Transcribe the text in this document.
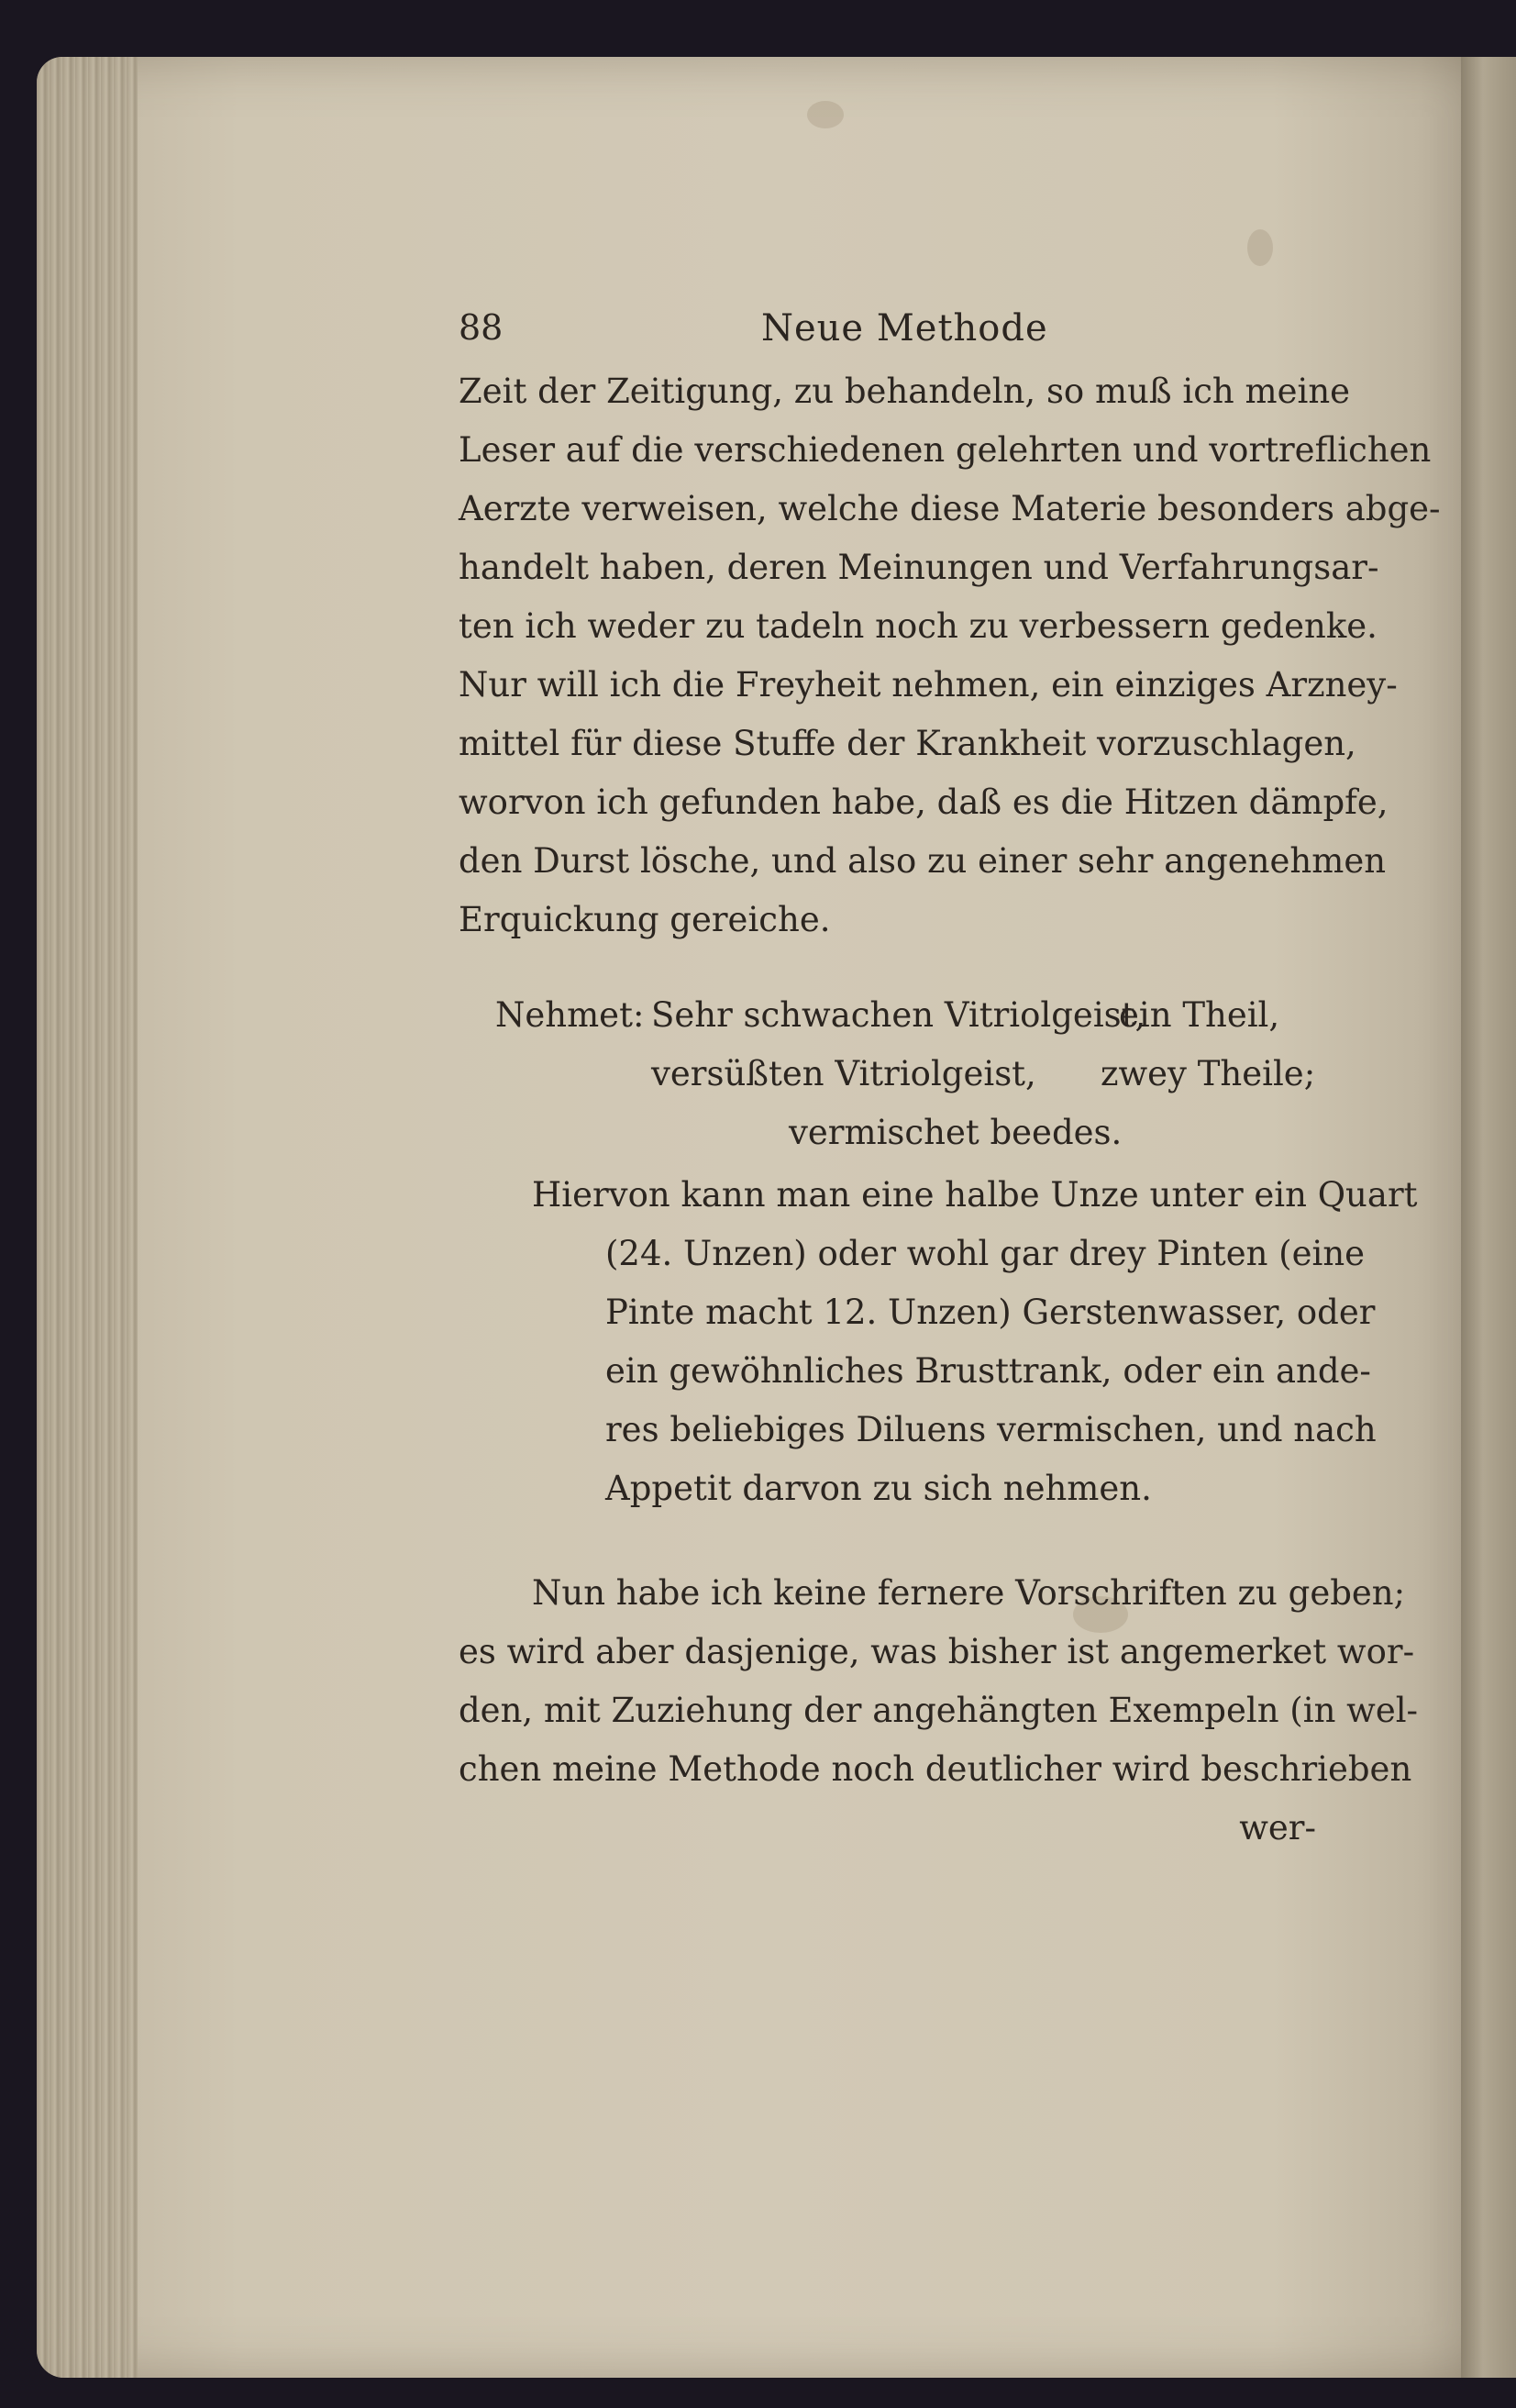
88	Neue Methode

Zeit der Zeitigung, zu behandeln, so muß ich meine
Leser auf die verschiedenen gelehrten und vortreflichen
Aerzte verweisen, welche diese Materie besonders abge-
handelt haben, deren Meinungen und Verfahrungsar-
ten ich weder zu tadeln noch zu verbessern gedenke.
Nur will ich die Freyheit nehmen, ein einziges Arzney-
mittel für diese Stuffe der Krankheit vorzuschlagen,
worvon ich gefunden habe, daß es die Hitzen dämpfe,
den Durst lösche, und also zu einer sehr angenehmen
Erquickung gereiche.

Nehmet: Sehr schwachen Vitriolgeist,
ein Theil,
versüßten Vitriolgeist, zwey Theile;
vermischet beedes.
Hiervon kann man eine halbe Unze unter ein Quart
(24. Unzen) oder wohl gar drey Pinten (eine
Pinte macht 12. Unzen) Gerstenwasser, oder
ein gewöhnliches Brusttrank, oder ein ande-
res beliebiges Diluens vermischen, und nach
Appetit darvon zu sich nehmen.
Nun habe ich keine fernere Vorschriften zu geben;
es wird aber dasjenige, was bisher ist angemerket wor-
den, mit Zuziehung der angehängten Exempeln (in wel-
chen meine Methode noch deutlicher wird beschrieben
wer-
